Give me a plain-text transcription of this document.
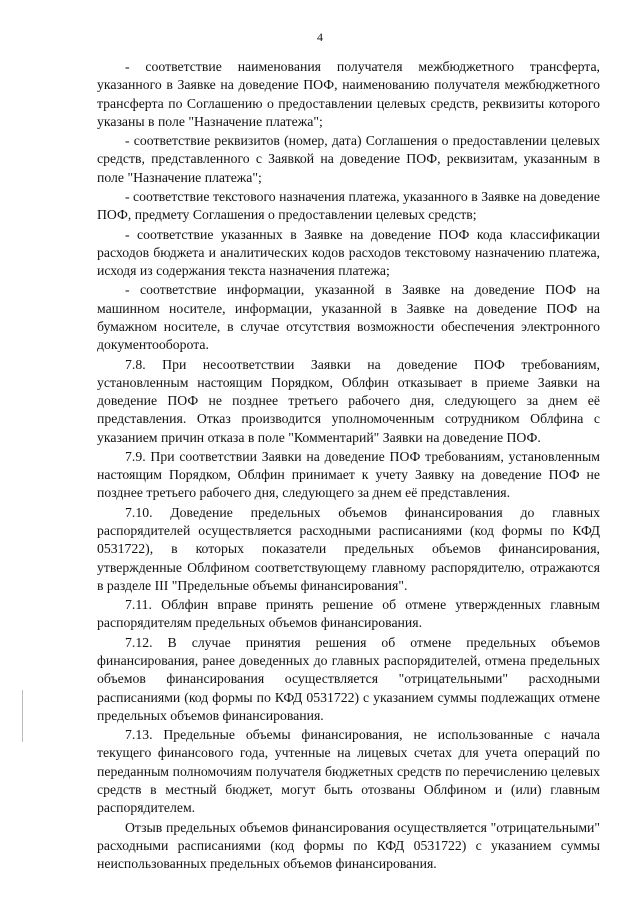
4

- соответствие наименования получателя межбюджетного трансферта, указанного в Заявке на доведение ПОФ, наименованию получателя межбюджетного трансферта по Соглашению о предоставлении целевых средств, реквизиты которого указаны в поле "Назначение платежа";

- соответствие реквизитов (номер, дата) Соглашения о предоставлении целевых средств, представленного с Заявкой на доведение ПОФ, реквизитам, указанным в поле "Назначение платежа";

- соответствие текстового назначения платежа, указанного в Заявке на доведение ПОФ, предмету Соглашения о предоставлении целевых средств;

- соответствие указанных в Заявке на доведение ПОФ кода классификации расходов бюджета и аналитических кодов расходов текстовому назначению платежа, исходя из содержания текста назначения платежа;

- соответствие информации, указанной в Заявке на доведение ПОФ на машинном носителе, информации, указанной в Заявке на доведение ПОФ на бумажном носителе, в случае отсутствия возможности обеспечения электронного документооборота.

7.8. При несоответствии Заявки на доведение ПОФ требованиям, установленным настоящим Порядком, Облфин отказывает в приеме Заявки на доведение ПОФ не позднее третьего рабочего дня, следующего за днем её представления. Отказ производится уполномоченным сотрудником Облфина с указанием причин отказа в поле "Комментарий" Заявки на доведение ПОФ.

7.9. При соответствии Заявки на доведение ПОФ требованиям, установленным настоящим Порядком, Облфин принимает к учету Заявку на доведение ПОФ не позднее третьего рабочего дня, следующего за днем её представления.

7.10. Доведение предельных объемов финансирования до главных распорядителей осуществляется расходными расписаниями (код формы по КФД 0531722), в которых показатели предельных объемов финансирования, утвержденные Облфином соответствующему главному распорядителю, отражаются в разделе III "Предельные объемы финансирования".

7.11. Облфин вправе принять решение об отмене утвержденных главным распорядителям предельных объемов финансирования.

7.12. В случае принятия решения об отмене предельных объемов финансирования, ранее доведенных до главных распорядителей, отмена предельных объемов финансирования осуществляется "отрицательными" расходными расписаниями (код формы по КФД 0531722) с указанием суммы подлежащих отмене предельных объемов финансирования.

7.13. Предельные объемы финансирования, не использованные с начала текущего финансового года, учтенные на лицевых счетах для учета операций по переданным полномочиям получателя бюджетных средств по перечислению целевых средств в местный бюджет, могут быть отозваны Облфином и (или) главным распорядителем.

Отзыв предельных объемов финансирования осуществляется "отрицательными" расходными расписаниями (код формы по КФД 0531722) с указанием суммы неиспользованных предельных объемов финансирования.
